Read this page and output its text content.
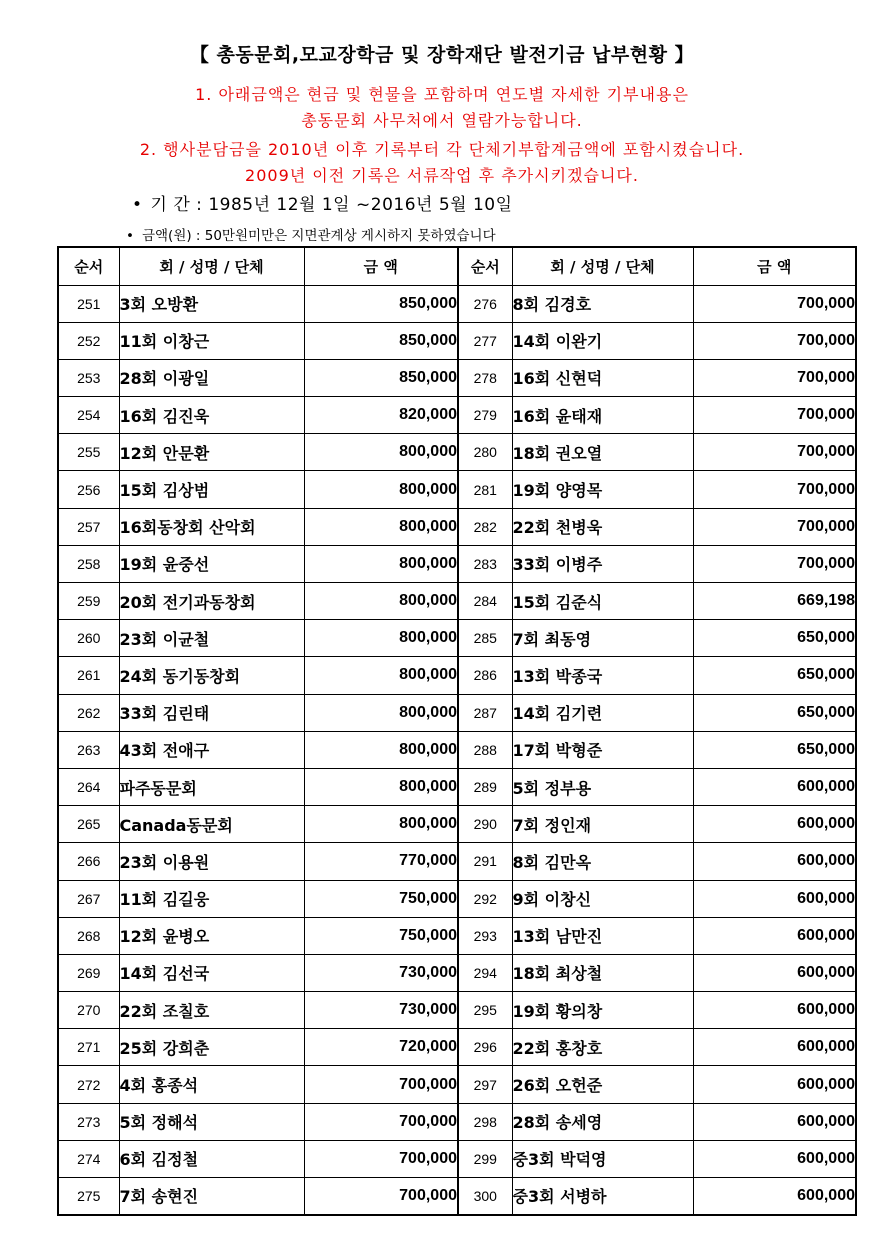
【 총동문회,모교장학금 및 장학재단 발전기금 납부현황 】
1. 아래금액은 현금 및 현물을 포함하며 연도별 자세한 기부내용은
총동문회 사무처에서 열람가능합니다.
2. 행사분담금을 2010년 이후 기록부터 각 단체기부합계금액에 포함시켰습니다.
2009년 이전 기록은 서류작업 후 추가시키겠습니다.
• 기 간 : 1985년 12월 1일 ~2016년 5월 10일
• 금액(원) : 50만원미만은 지면관계상 게시하지 못하였습니다
순서	회 / 성명 / 단체	금 액	순서	회 / 성명 / 단체	금 액
251	3회 오방환	850,000	276	8회 김경호	700,000
252	11회 이창근	850,000	277	14회 이완기	700,000
253	28회 이광일	850,000	278	16회 신현덕	700,000
254	16회 김진욱	820,000	279	16회 윤태재	700,000
255	12회 안문환	800,000	280	18회 권오열	700,000
256	15회 김상범	800,000	281	19회 양영목	700,000
257	16회동창회 산악회	800,000	282	22회 천병욱	700,000
258	19회 윤중선	800,000	283	33회 이병주	700,000
259	20회 전기과동창회	800,000	284	15회 김준식	669,198
260	23회 이균철	800,000	285	7회 최동영	650,000
261	24회 동기동창회	800,000	286	13회 박종국	650,000
262	33회 김린태	800,000	287	14회 김기련	650,000
263	43회 전애구	800,000	288	17회 박형준	650,000
264	파주동문회	800,000	289	5회 정부용	600,000
265	Canada동문회	800,000	290	7회 정인재	600,000
266	23회 이용원	770,000	291	8회 김만옥	600,000
267	11회 김길웅	750,000	292	9회 이창신	600,000
268	12회 윤병오	750,000	293	13회 남만진	600,000
269	14회 김선국	730,000	294	18회 최상철	600,000
270	22회 조칠호	730,000	295	19회 황의창	600,000
271	25회 강희춘	720,000	296	22회 홍창호	600,000
272	4회 홍종석	700,000	297	26회 오헌준	600,000
273	5회 정해석	700,000	298	28회 송세영	600,000
274	6회 김정철	700,000	299	중3회 박덕영	600,000
275	7회 송현진	700,000	300	중3회 서병하	600,000
